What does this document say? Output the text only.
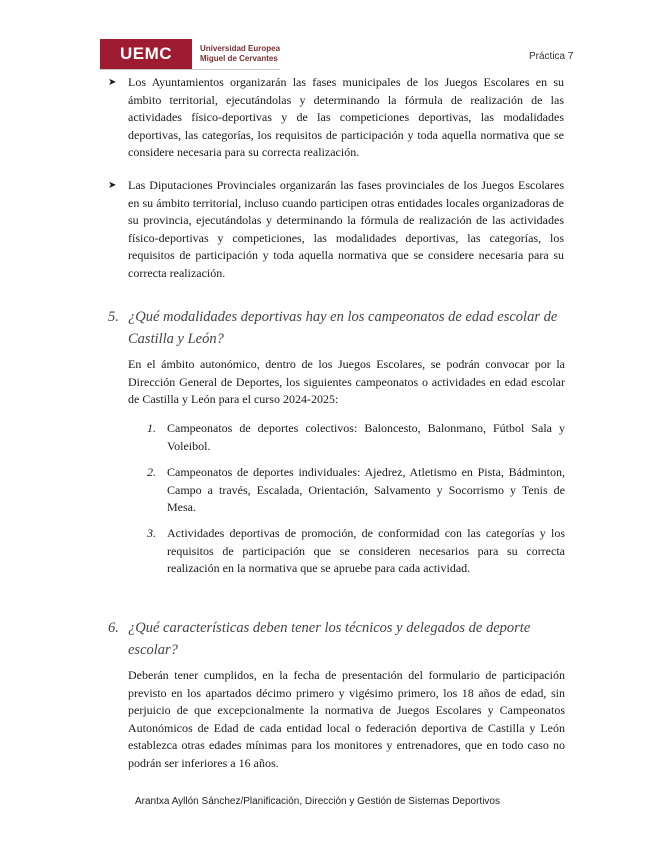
UEMC	Universidad Europea
Miguel de Cervantes	Práctica 7
➤ Los Ayuntamientos organizarán las fases municipales de los Juegos Escolares en su ámbito territorial, ejecutándolas y determinando la fórmula de realización de las actividades físico-deportivas y de las competiciones deportivas, las modalidades deportivas, las categorías, los requisitos de participación y toda aquella normativa que se considere necesaria para su correcta realización.
➤ Las Diputaciones Provinciales organizarán las fases provinciales de los Juegos Escolares en su ámbito territorial, incluso cuando participen otras entidades locales organizadoras de su provincia, ejecutándolas y determinando la fórmula de realización de las actividades físico-deportivas y competiciones, las modalidades deportivas, las categorías, los requisitos de participación y toda aquella normativa que se considere necesaria para su correcta realización.
5. ¿Qué modalidades deportivas hay en los campeonatos de edad escolar de Castilla y León?
En el ámbito autonómico, dentro de los Juegos Escolares, se podrán convocar por la Dirección General de Deportes, los siguientes campeonatos o actividades en edad escolar de Castilla y León para el curso 2024-2025:
1. Campeonatos de deportes colectivos: Baloncesto, Balonmano, Fútbol Sala y Voleibol.
2. Campeonatos de deportes individuales: Ajedrez, Atletismo en Pista, Bádminton, Campo a través, Escalada, Orientación, Salvamento y Socorrismo y Tenis de Mesa.
3. Actividades deportivas de promoción, de conformidad con las categorías y los requisitos de participación que se consideren necesarios para su correcta realización en la normativa que se apruebe para cada actividad.
6. ¿Qué características deben tener los técnicos y delegados de deporte escolar?
Deberán tener cumplidos, en la fecha de presentación del formulario de participación previsto en los apartados décimo primero y vigésimo primero, los 18 años de edad, sin perjuicio de que excepcionalmente la normativa de Juegos Escolares y Campeonatos Autonómicos de Edad de cada entidad local o federación deportiva de Castilla y León establezca otras edades mínimas para los monitores y entrenadores, que en todo caso no podrán ser inferiores a 16 años.
Arantxa Ayllón Sánchez/Planificación, Dirección y Gestión de Sistemas Deportivos
